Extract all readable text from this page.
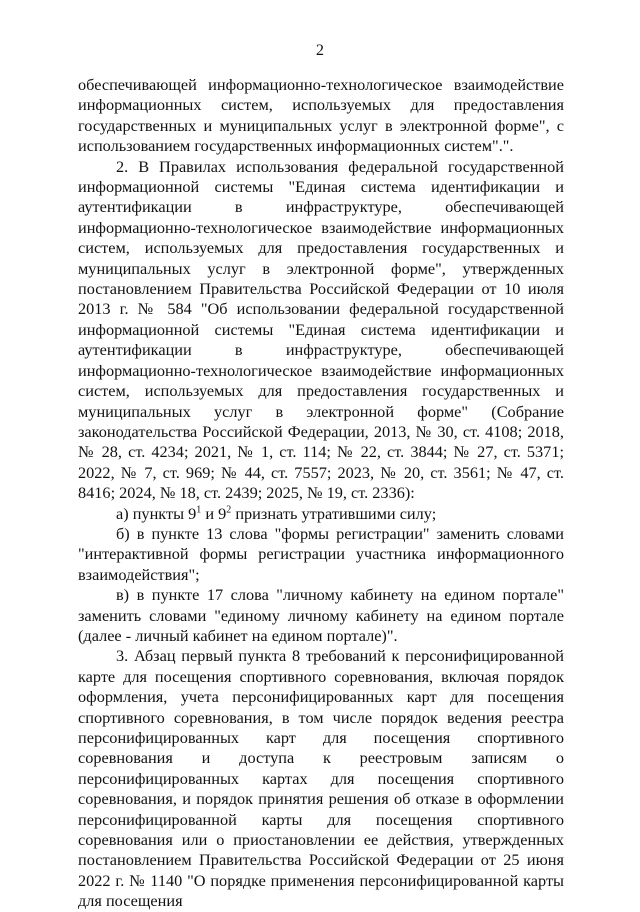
2

обеспечивающей информационно-технологическое взаимодействие информационных систем, используемых для предоставления государственных и муниципальных услуг в электронной форме", с использованием государственных информационных систем".".

2. В Правилах использования федеральной государственной информационной системы "Единая система идентификации и аутентификации в инфраструктуре, обеспечивающей информационно-технологическое взаимодействие информационных систем, используемых для предоставления государственных и муниципальных услуг в электронной форме", утвержденных постановлением Правительства Российской Федерации от 10 июля 2013 г. № 584 "Об использовании федеральной государственной информационной системы "Единая система идентификации и аутентификации в инфраструктуре, обеспечивающей информационно-технологическое взаимодействие информационных систем, используемых для предоставления государственных и муниципальных услуг в электронной форме" (Собрание законодательства Российской Федерации, 2013, № 30, ст. 4108; 2018, № 28, ст. 4234; 2021, № 1, ст. 114; № 22, ст. 3844; № 27, ст. 5371; 2022, № 7, ст. 969; № 44, ст. 7557; 2023, № 20, ст. 3561; № 47, ст. 8416; 2024, № 18, ст. 2439; 2025, № 19, ст. 2336):

а) пункты $9^1$ и $9^2$ признать утратившими силу;

б) в пункте 13 слова "формы регистрации" заменить словами "интерактивной формы регистрации участника информационного взаимодействия";

в) в пункте 17 слова "личному кабинету на едином портале" заменить словами "единому личному кабинету на едином портале (далее - личный кабинет на едином портале)".

3. Абзац первый пункта 8 требований к персонифицированной карте для посещения спортивного соревнования, включая порядок оформления, учета персонифицированных карт для посещения спортивного соревнования, в том числе порядок ведения реестра персонифицированных карт для посещения спортивного соревнования и доступа к реестровым записям о персонифицированных картах для посещения спортивного соревнования, и порядок принятия решения об отказе в оформлении персонифицированной карты для посещения спортивного соревнования или о приостановлении ее действия, утвержденных постановлением Правительства Российской Федерации от 25 июня 2022 г. № 1140 "О порядке применения персонифицированной карты для посещения
